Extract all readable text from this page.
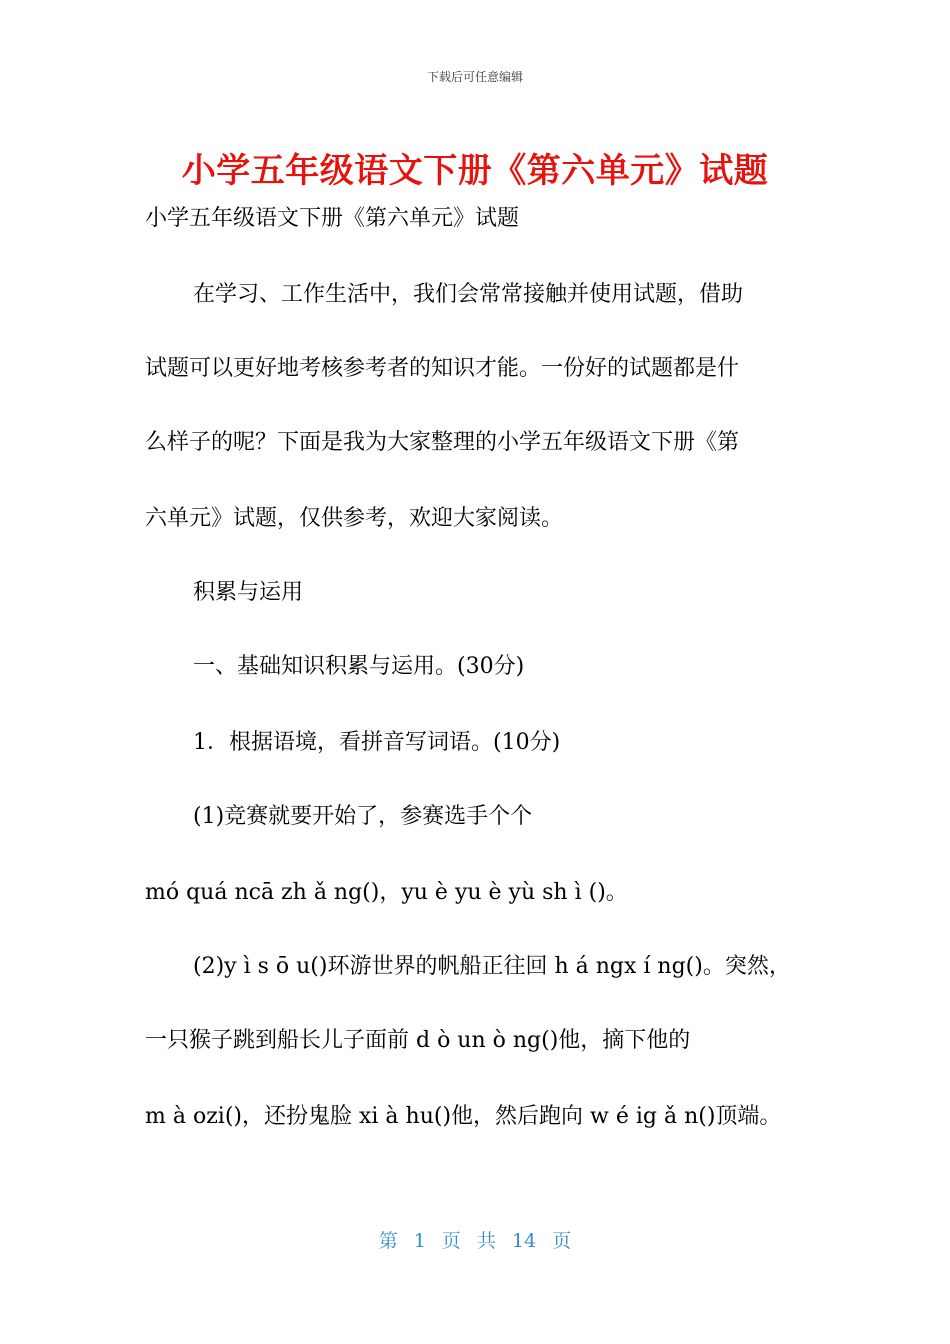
下载后可任意编辑
小学五年级语文下册《第六单元》试题
小学五年级语文下册《第六单元》试题
在学习、工作生活中，我们会常常接触并使用试题，借助
试题可以更好地考核参考者的知识才能。一份好的试题都是什
么样子的呢？下面是我为大家整理的小学五年级语文下册《第
六单元》试题，仅供参考，欢迎大家阅读。
积累与运用
一、基础知识积累与运用。(30分)
1．根据语境，看拼音写词语。(10分)
(1)竞赛就要开始了，参赛选手个个
mó quá ncā zh ǎ ng()，yu è yu è yù sh ì ()。
(2)y ì s ō u()环游世界的帆船正往回 h á ngx í ng()。突然，
一只猴子跳到船长儿子面前 d ò un ò ng()他，摘下他的
m à ozi()，还扮鬼脸 xi à hu()他，然后跑向 w é ig ǎ n()顶端。
第 1 页 共 14 页
